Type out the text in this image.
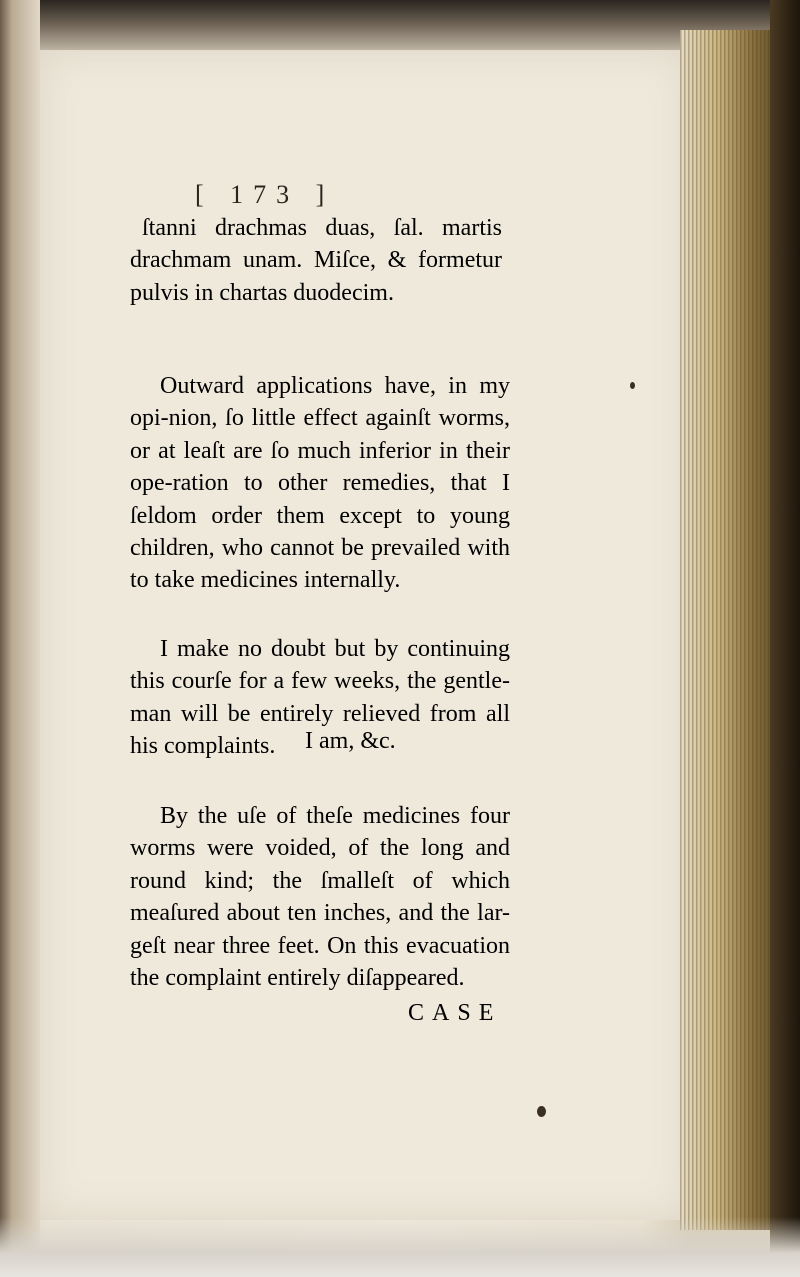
[ 173 ]

ſtanni drachmas duas, ſal. martis drachmam unam. Miſce, & formetur pulvis in chartas duodecim.

Outward applications have, in my opi-nion, ſo little effect againſt worms, or at leaſt are ſo much inferior in their ope-ration to other remedies, that I ſeldom order them except to young children, who cannot be prevailed with to take medicines internally.

I make no doubt but by continuing this courſe for a few weeks, the gentle-man will be entirely relieved from all his complaints.	I am, &c.

By the uſe of theſe medicines four worms were voided, of the long and round kind; the ſmalleſt of which meaſured about ten inches, and the lar-geſt near three feet. On this evacuation the complaint entirely diſappeared.

CASE
